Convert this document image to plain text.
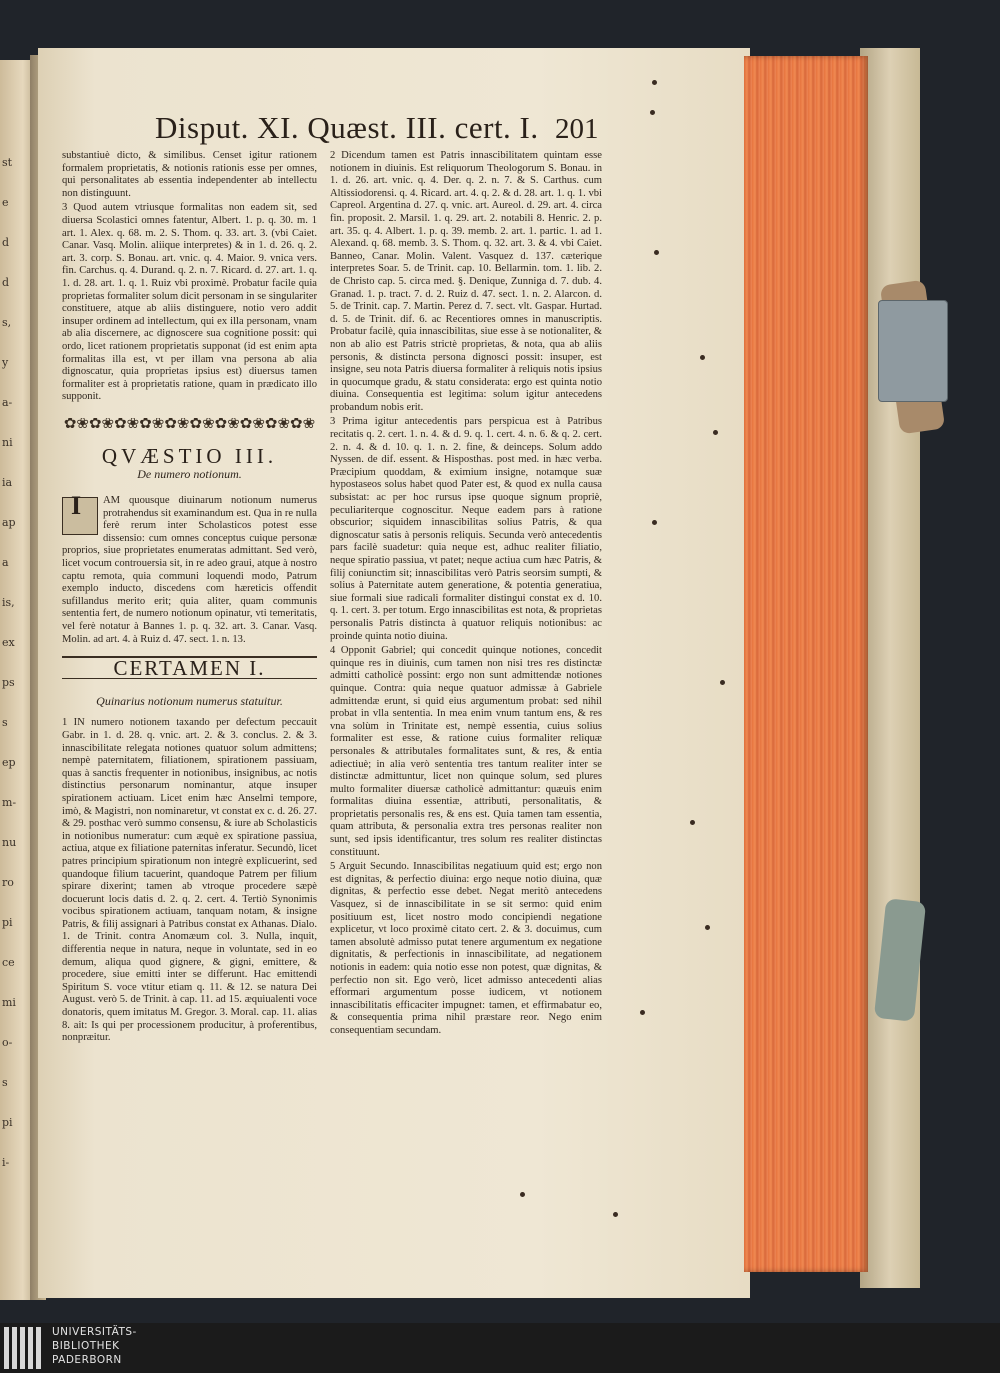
st
e
d
d
s,
y
a-
ni
ia
ap
a
is,
ex
ps
s
ep
m-
nu
ro
pi
ce
mi
o-
s
pi
i-
Disput. XI. Quæst. III. cert. I. 201

substantiuè dicto, & similibus. Censet igitur rationem formalem proprietatis, & notionis rationis esse per omnes, qui personalitates ab essentia independenter ab intellectu non distinguunt.

3 Quod autem vtriusque formalitas non eadem sit, sed diuersa Scolastici omnes fatentur, Albert. 1. p. q. 30. m. 1 art. 1. Alex. q. 68. m. 2. S. Thom. q. 33. art. 3. (vbi Caiet. Canar. Vasq. Molin. aliique interpretes) & in 1. d. 26. q. 2. art. 3. corp. S. Bonau. art. vnic. q. 4. Maior. 9. vnica vers. fin. Carchus. q. 4. Durand. q. 2. n. 7. Ricard. d. 27. art. 1. q. 1. d. 28. art. 1. q. 1. Ruiz vbi proximè. Probatur facile quia proprietas formaliter solum dicit personam in se singulariter constituere, atque ab aliis distinguere, notio vero addit insuper ordinem ad intellectum, qui ex illa personam, vnam ab alia discernere, ac dignoscere sua cognitione possit: qui ordo, licet rationem proprietatis supponat (id est enim apta formalitas illa est, vt per illam vna persona ab alia dignoscatur, quia proprietas ipsius est) diuersus tamen formaliter est à proprietatis ratione, quam in prædicato illo supponit.

✿❀✿❀✿❀✿❀✿❀✿❀✿❀✿❀✿❀✿❀
QVÆSTIO III.
De numero notionum.
I	AM quousque diuinarum notionum numerus protrahendus sit examinandum est. Qua in re nulla ferè rerum inter Scholasticos potest esse dissensio: cum omnes conceptus cuique personæ proprios, siue proprietates enumeratas admittant. Sed verò, licet vocum controuersia sit, in re adeo graui, atque à nostro captu remota, quia communi loquendi modo, Patrum exemplo inducto, discedens com hæreticis offendit sufillandus merito erit; quia aliter, quam communis sententia fert, de numero notionum opinatur, vti temeritatis, vel ferè notatur à Bannes 1. p. q. 32. art. 3. Canar. Vasq. Molin. ad art. 4. à Ruiz d. 47. sect. 1. n. 13.

CERTAMEN I.
Quinarius notionum numerus statuitur.

1 IN numero notionem taxando per defectum peccauit Gabr. in 1. d. 28. q. vnic. art. 2. & 3. conclus. 2. & 3. innascibilitate relegata notiones quatuor solum admittens; nempè paternitatem, filiationem, spirationem passiuam, quas à sanctis frequenter in notionibus, insignibus, ac notis distinctius personarum nominantur, atque insuper spirationem actiuam. Licet enim hæc Anselmi tempore, imò, & Magistri, non nominaretur, vt constat ex c. d. 26. 27. & 29. posthac verò summo consensu, & iure ab Scholasticis in notionibus numeratur: cum æquè ex spiratione passiua, actiua, atque ex filiatione paternitas inferatur. Secundò, licet patres principium spirationum non integrè explicuerint, sed quandoque filium tacuerint, quandoque Patrem per filium spirare dixerint; tamen ab vtroque procedere sæpè docuerunt locis datis d. 2. q. 2. cert. 4. Tertiò Synonimis vocibus spirationem actiuam, tanquam notam, & insigne Patris, & filij assignari à Patribus constat ex Athanas. Dialo. 1. de Trinit. contra Anomæum col. 3. Nulla, inquit, differentia neque in natura, neque in voluntate, sed in eo demum, aliqua quod gignere, & gigni, emittere, & procedere, siue emitti inter se differunt. Hac emittendi Spiritum S. voce vtitur etiam q. 11. & 12. se natura Dei August. verò 5. de Trinit. à cap. 11. ad 15. æquiualenti voce donatoris, quem imitatus M. Gregor. 3. Moral. cap. 11. alias 8. ait: Is qui per processionem producitur, à proferentibus, nonpræitur.

2 Dicendum tamen est Patris innascibilitatem quintam esse notionem in diuinis. Est reliquorum Theologorum S. Bonau. in 1. d. 26. art. vnic. q. 4. Der. q. 2. n. 7. & S. Carthus. cum Altissiodorensi. q. 4. Ricard. art. 4. q. 2. & d. 28. art. 1. q. 1. vbi Capreol. Argentina d. 27. q. vnic. art. Aureol. d. 29. art. 4. circa fin. proposit. 2. Marsil. 1. q. 29. art. 2. notabili 8. Henric. 2. p. art. 35. q. 4. Albert. 1. p. q. 39. memb. 2. art. 1. partic. 1. ad 1. Alexand. q. 68. memb. 3. S. Thom. q. 32. art. 3. & 4. vbi Caiet. Banneo, Canar. Molin. Valent. Vasquez d. 137. cæterique interpretes Soar. 5. de Trinit. cap. 10. Bellarmin. tom. 1. lib. 2. de Christo cap. 5. circa med. §. Denique, Zunniga d. 7. dub. 4. Granad. 1. p. tract. 7. d. 2. Ruiz d. 47. sect. 1. n. 2. Alarcon. d. 5. de Trinit. cap. 7. Martin. Perez d. 7. sect. vlt. Gaspar. Hurtad. d. 5. de Trinit. dif. 6. ac Recentiores omnes in manuscriptis. Probatur facilè, quia innascibilitas, siue esse à se notionaliter, & non ab alio est Patris strictè proprietas, & nota, qua ab aliis personis, & distincta persona dignosci possit: insuper, est insigne, seu nota Patris diuersa formaliter à reliquis notis ipsius in quocumque gradu, & statu considerata: ergo est quinta notio diuina. Consequentia est legitima: solum igitur antecedens probandum nobis erit.

3 Prima igitur antecedentis pars perspicua est à Patribus recitatis q. 2. cert. 1. n. 4. & d. 9. q. 1. cert. 4. n. 6. & q. 2. cert. 2. n. 4. & d. 10. q. 1. n. 2. fine, & deinceps. Solum addo Nyssen. de dif. essent. & Hisposthas. post med. in hæc verba. Præcipium quoddam, & eximium insigne, notamque suæ hypostaseos solus habet quod Pater est, & quod ex nulla causa subsistat: ac per hoc rursus ipse quoque signum propriè, peculiariterque cognoscitur. Neque eadem pars à ratione obscurior; siquidem innascibilitas solius Patris, & qua dignoscatur satis à personis reliquis. Secunda verò antecedentis pars facilè suadetur: quia neque est, adhuc realiter filiatio, neque spiratio passiua, vt patet; neque actiua cum hæc Patris, & filij coniunctim sit; innascibilitas verò Patris seorsim sumpti, & solius à Paternitate autem generatione, & potentia generatiua, siue formali siue radicali formaliter distingui constat ex d. 10. q. 1. cert. 3. per totum. Ergo innascibilitas est nota, & proprietas personalis Patris distincta à quatuor reliquis notionibus: ac proinde quinta notio diuina.

4 Opponit Gabriel; qui concedit quinque notiones, concedit quinque res in diuinis, cum tamen non nisi tres res distinctæ admitti catholicè possint: ergo non sunt admittendæ notiones quinque. Contra: quia neque quatuor admissæ à Gabriele admittendæ erunt, si quid eius argumentum probat: sed nihil probat in vlla sententia. In mea enim vnum tantum ens, & res vna solùm in Trinitate est, nempè essentia, cuius solius formaliter est esse, & ratione cuius formaliter reliquæ personales & attributales formalitates sunt, & res, & entia adiectiuè; in alia verò sententia tres tantum realiter inter se distinctæ admittuntur, licet non quinque solum, sed plures multo formaliter diuersæ catholicè admittantur: quæuis enim formalitas diuina essentiæ, attributi, personalitatis, & proprietatis personalis res, & ens est. Quia tamen tam essentia, quam attributa, & personalia extra tres personas realiter non sunt, sed ipsis identificantur, tres solum res realiter distinctas constituunt.

5 Arguit Secundo. Innascibilitas negatiuum quid est; ergo non est dignitas, & perfectio diuina: ergo neque notio diuina, quæ dignitas, & perfectio esse debet. Negat meritò antecedens Vasquez, si de innascibilitate in se sit sermo: quid enim positiuum est, licet nostro modo concipiendi negatione explicetur, vt loco proximè citato cert. 2. & 3. docuimus, cum tamen absolutè admisso putat tenere argumentum ex negatione dignitatis, & perfectionis in innascibilitate, ad negationem notionis in eadem: quia notio esse non potest, quæ dignitas, & perfectio non sit. Ego verò, licet admisso antecedenti alias efformari argumentum posse iudicem, vt notionem innascibilitatis efficaciter impugnet: tamen, et effirmabatur eo, & consequentia prima nihil præstare reor. Nego enim consequentiam secundam.

UNIVERSITÄTS-
BIBLIOTHEK
PADERBORN
